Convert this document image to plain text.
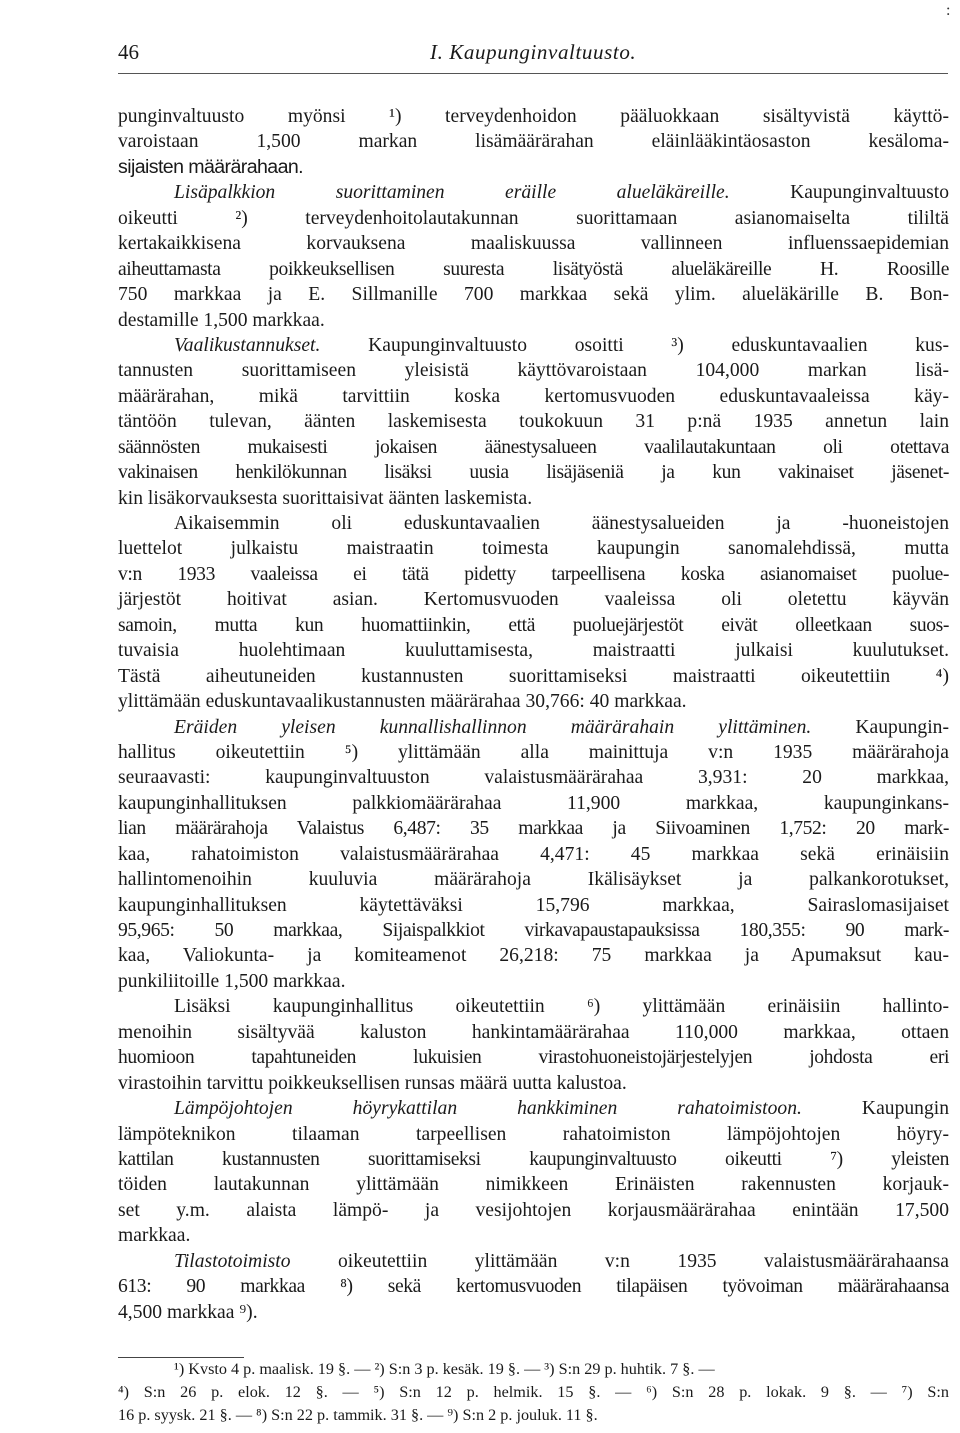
:
46	I. Kaupunginvaltuusto.
punginvaltuusto myönsi ¹) terveydenhoidon pääluokkaan sisältyvistä käyttö-
varoistaan 1,500 markan lisämäärärahan eläinlääkintäosaston kesäloma-
sijaisten määrärahaan.
Lisäpalkkion suorittaminen eräille alueläkäreille.	Kaupunginvaltuusto
oikeutti ²) terveydenhoitolautakunnan suorittamaan asianomaiselta tililtä
kertakaikkisena korvauksena maaliskuussa vallinneen influenssaepidemian
aiheuttamasta poikkeuksellisen suuresta lisätyöstä alueläkäreille H. Roosille
750 markkaa ja E. Sillmanille 700 markkaa sekä ylim. alueläkärille B. Bon-
destamille 1,500 markkaa.
Vaalikustannukset. Kaupunginvaltuusto osoitti ³) eduskuntavaalien kus-
tannusten suorittamiseen yleisistä käyttövaroistaan 104,000 markan lisä-
määrärahan, mikä tarvittiin koska kertomusvuoden eduskuntavaaleissa käy-
täntöön tulevan, äänten laskemisesta toukokuun 31 p:nä 1935 annetun lain
säännösten mukaisesti jokaisen äänestysalueen vaalilautakuntaan oli otettava
vakinaisen henkilökunnan lisäksi uusia lisäjäseniä ja kun vakinaiset jäsenet-
kin lisäkorvauksesta suorittaisivat äänten laskemista.
Aikaisemmin oli eduskuntavaalien äänestysalueiden ja -huoneistojen
luettelot julkaistu maistraatin toimesta kaupungin sanomalehdissä, mutta
v:n 1933 vaaleissa ei tätä pidetty tarpeellisena koska asianomaiset puolue-
järjestöt hoitivat asian. Kertomusvuoden vaaleissa oli oletettu käyvän
samoin, mutta kun huomattiinkin, että puoluejärjestöt eivät olleetkaan suos-
tuvaisia huolehtimaan kuuluttamisesta, maistraatti julkaisi kuulutukset.
Tästä aiheutuneiden kustannusten suorittamiseksi maistraatti oikeutettiin ⁴)
ylittämään eduskuntavaalikustannusten määrärahaa 30,766: 40 markkaa.
Eräiden yleisen kunnallishallinnon määrärahain ylittäminen. Kaupungin-
hallitus oikeutettiin ⁵) ylittämään alla mainittuja v:n 1935 määrärahoja
seuraavasti: kaupunginvaltuuston valaistusmäärärahaa 3,931: 20 markkaa,
kaupunginhallituksen palkkiomäärärahaa 11,900 markkaa, kaupunginkans-
lian määrärahoja Valaistus 6,487: 35 markkaa ja Siivoaminen 1,752: 20 mark-
kaa, rahatoimiston valaistusmäärärahaa 4,471: 45 markkaa sekä erinäisiin
hallintomenoihin kuuluvia määrärahoja Ikälisäykset ja palkankorotukset,
kaupunginhallituksen käytettäväksi 15,796 markkaa, Sairaslomasijaiset
95,965: 50 markkaa, Sijaispalkkiot virkavapaustapauksissa 180,355: 90 mark-
kaa, Valiokunta- ja komiteamenot 26,218: 75 markkaa ja Apumaksut kau-
punkiliitoille 1,500 markkaa.
Lisäksi kaupunginhallitus oikeutettiin ⁶) ylittämään erinäisiin hallinto-
menoihin sisältyvää kaluston hankintamäärärahaa 110,000 markkaa, ottaen
huomioon tapahtuneiden lukuisien virastohuoneistojärjestelyjen johdosta eri
virastoihin tarvittu poikkeuksellisen runsas määrä uutta kalustoa.
Lämpöjohtojen höyrykattilan hankkiminen rahatoimistoon.	Kaupungin
lämpöteknikon tilaaman tarpeellisen rahatoimiston lämpöjohtojen höyry-
kattilan kustannusten suorittamiseksi kaupunginvaltuusto oikeutti ⁷) yleisten
töiden lautakunnan ylittämään nimikkeen Erinäisten rakennusten korjauk-
set y.m. alaista lämpö- ja vesijohtojen korjausmäärärahaa enintään 17,500
markkaa.
Tilastotoimisto oikeutettiin ylittämään v:n 1935 valaistusmäärärahaansa
613: 90 markkaa ⁸) sekä kertomusvuoden tilapäisen työvoiman määrärahaansa
4,500 markkaa ⁹).
¹) Kvsto 4 p. maalisk. 19 §. — ²) S:n 3 p. kesäk. 19 §. — ³) S:n 29 p. huhtik. 7 §. —
⁴) S:n 26 p. elok. 12 §. — ⁵) S:n 12 p. helmik. 15 §. — ⁶) S:n 28 p. lokak. 9 §. — ⁷) S:n
16 p. syysk. 21 §. — ⁸) S:n 22 p. tammik. 31 §. — ⁹) S:n 2 p. jouluk. 11 §.
